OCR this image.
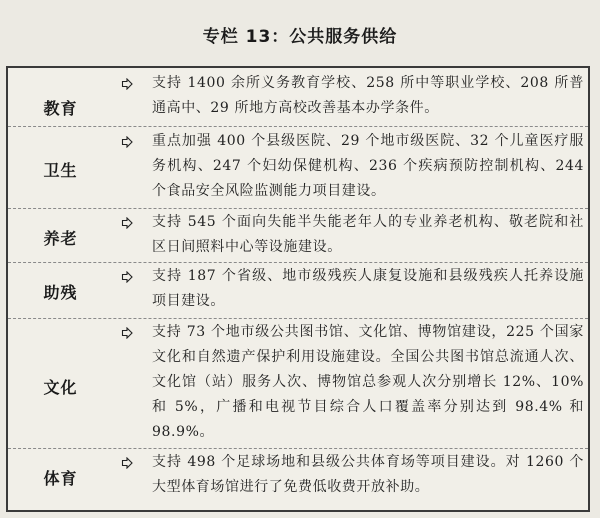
专栏 13：公共服务供给
教育
支持 1400 余所义务教育学校、258 所中等职业学校、208 所普通高中、29 所地方高校改善基本办学条件。
卫生
重点加强 400 个县级医院、29 个地市级医院、32 个儿童医疗服务机构、247 个妇幼保健机构、236 个疾病预防控制机构、244 个食品安全风险监测能力项目建设。
养老
支持 545 个面向失能半失能老年人的专业养老机构、敬老院和社区日间照料中心等设施建设。
助残
支持 187 个省级、地市级残疾人康复设施和县级残疾人托养设施项目建设。
文化
支持 73 个地市级公共图书馆、文化馆、博物馆建设，225 个国家文化和自然遗产保护利用设施建设。全国公共图书馆总流通人次、文化馆（站）服务人次、博物馆总参观人次分别增长 12%、10% 和 5%，广播和电视节目综合人口覆盖率分别达到 98.4% 和 98.9%。
体育
支持 498 个足球场地和县级公共体育场等项目建设。对 1260 个大型体育场馆进行了免费低收费开放补助。
